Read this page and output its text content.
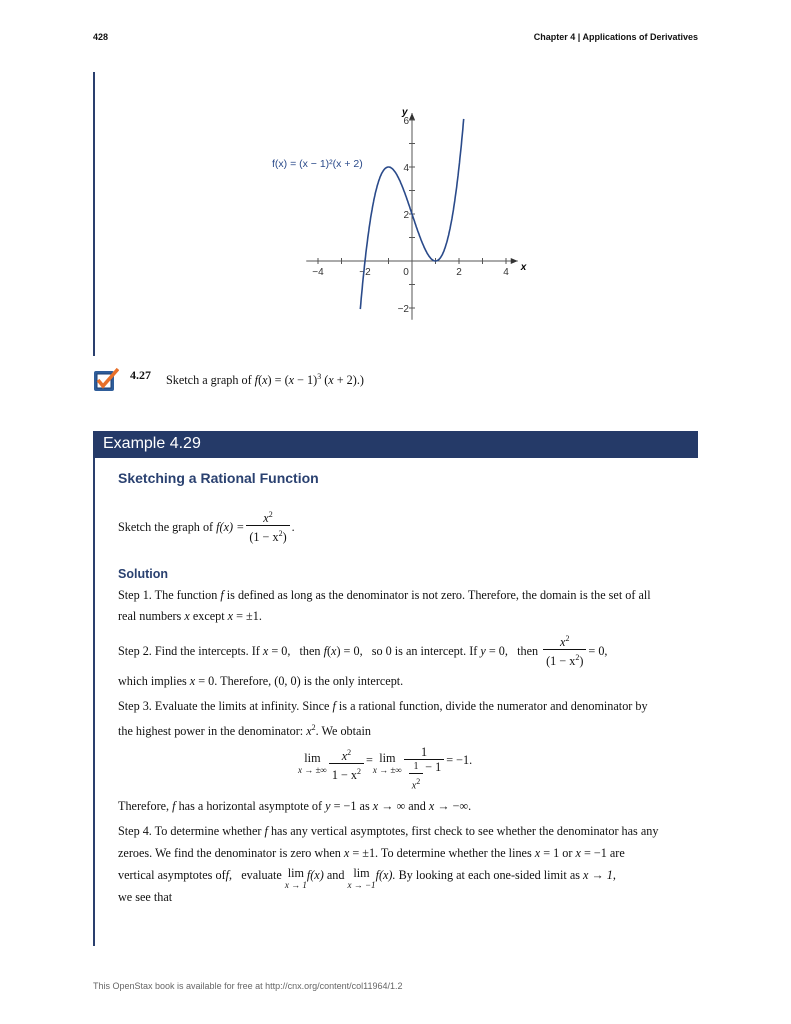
428	Chapter 4 | Applications of Derivatives
−4	−2	0	2	4
6
4
2
−2
x
y
f(x) = (x − 1)²(x + 2)
4.27 Sketch a graph of $f(x) = (x - 1)^3$ (x + 2).)
Example 4.29
Sketching a Rational Function
Sketch the graph of
$f(x) = \frac{x^2}{(1 - x^2)}$ .
Solution
Step 1. The function f is defined as long as the denominator is not zero. Therefore, the domain is the set of all
real numbers x except x = ±1.
Step 2. Find the intercepts. If x = 0,   then f(x) = 0,   so 0 is an intercept. If y = 0,   then $\frac{x^2}{(1 - x^2)} = 0$,
which implies x = 0. Therefore, (0, 0) is the only intercept.
Step 3. Evaluate the limits at infinity. Since f is a rational function, divide the numerator and denominator by
the highest power in the denominator: $x^2$. We obtain
lim
x → ±∞ $\frac{x^2}{1 - x^2} = \lim$
x → ±∞ $\frac{1}{\frac{1}{x^2} - 1} = -1$.
Therefore, f has a horizontal asymptote of y = −1 as x → ∞ and x → −∞.
Step 4. To determine whether f has any vertical asymptotes, first check to see whether the denominator has any
zeroes. We find the denominator is zero when x = ±1. To determine whether the lines x = 1 or x = −1 are
vertical asymptotes of f ,   evaluate lim
x → 1
f(x) and lim
x → −1
f(x). By looking at each one-sided limit as x → 1,
we see that
This OpenStax book is available for free at http://cnx.org/content/col11964/1.2
